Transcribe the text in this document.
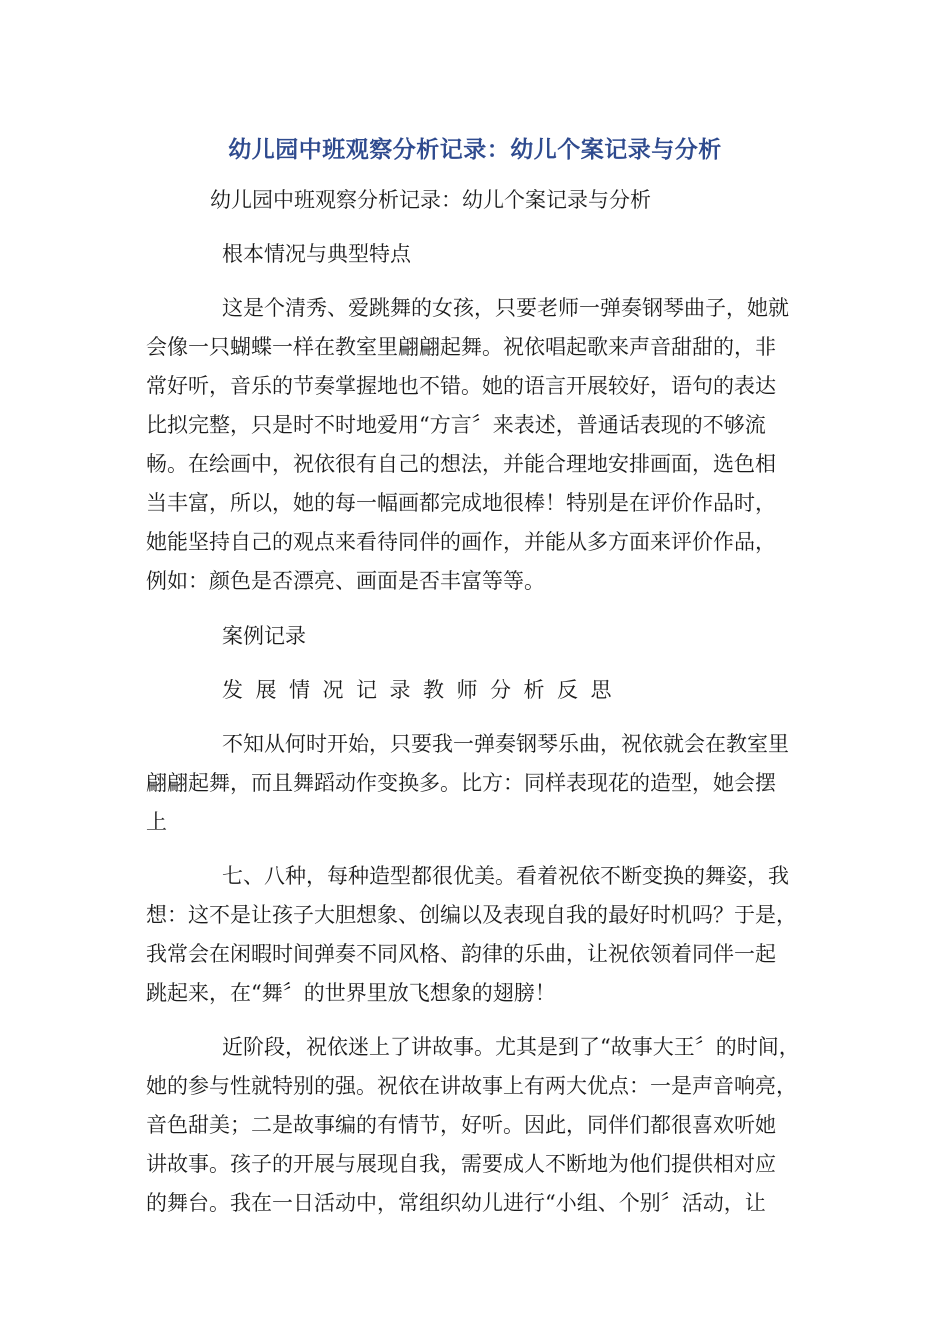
幼儿园中班观察分析记录：幼儿个案记录与分析
幼儿园中班观察分析记录：幼儿个案记录与分析
根本情况与典型特点
这是个清秀、爱跳舞的女孩，只要老师一弹奏钢琴曲子，她就
会像一只蝴蝶一样在教室里翩翩起舞。祝依唱起歌来声音甜甜的，非
常好听，音乐的节奏掌握地也不错。她的语言开展较好，语句的表达
比拟完整，只是时不时地爱用“方言〞来表述，普通话表现的不够流
畅。在绘画中，祝依很有自己的想法，并能合理地安排画面，选色相
当丰富，所以，她的每一幅画都完成地很棒！特别是在评价作品时，
她能坚持自己的观点来看待同伴的画作，并能从多方面来评价作品，
例如：颜色是否漂亮、画面是否丰富等等。
案例记录
发展情况记录教师分析反思
不知从何时开始，只要我一弹奏钢琴乐曲，祝依就会在教室里
翩翩起舞，而且舞蹈动作变换多。比方：同样表现花的造型，她会摆
上
七、八种，每种造型都很优美。看着祝依不断变换的舞姿，我
想：这不是让孩子大胆想象、创编以及表现自我的最好时机吗？于是，
我常会在闲暇时间弹奏不同风格、韵律的乐曲，让祝依领着同伴一起
跳起来，在“舞〞的世界里放飞想象的翅膀！
近阶段，祝依迷上了讲故事。尤其是到了“故事大王〞的时间，
她的参与性就特别的强。祝依在讲故事上有两大优点：一是声音响亮，
音色甜美；二是故事编的有情节，好听。因此，同伴们都很喜欢听她
讲故事。孩子的开展与展现自我，需要成人不断地为他们提供相对应
的舞台。我在一日活动中，常组织幼儿进行“小组、个别〞活动，让
